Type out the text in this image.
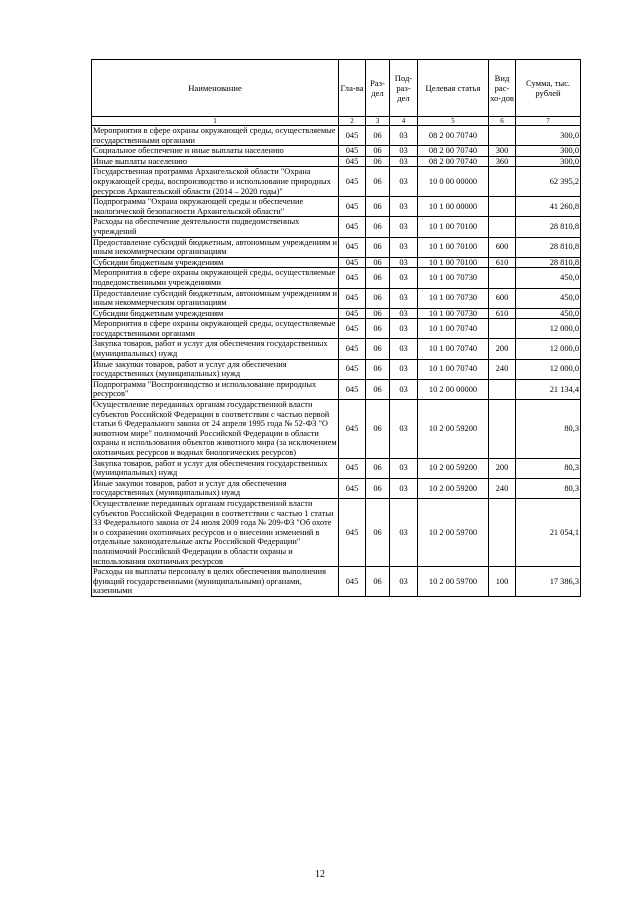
Наименование	Гла-ва	Раз-дел	Под-раз-дел	Целевая статья	Вид рас-хо-дов	Сумма, тыс. рублей
1	2	3	4	5	6	7
Мероприятия в сфере охраны окружающей среды, осуществляемые государственными органами	045	06	03	08 2 00 70740		300,0
Социальное обеспечение и иные выплаты населению	045	06	03	08 2 00 70740	300	300,0
Иные выплаты населению	045	06	03	08 2 00 70740	360	300,0
Государственная программа Архангельской области "Охрана окружающей среды, воспроизводство и использование природных ресурсов Архангельской области (2014 – 2020 годы)"	045	06	03	10 0 00 00000		62 395,2
Подпрограмма "Охрана окружающей среды и обеспечение экологической безопасности Архангельской области"	045	06	03	10 1 00 00000		41 260,8
Расходы на обеспечение деятельности подведомственных учреждений	045	06	03	10 1 00 70100		28 810,8
Предоставление субсидий бюджетным, автономным учреждениям и иным некоммерческим организациям	045	06	03	10 1 00 70100	600	28 810,8
Субсидии бюджетным учреждениям	045	06	03	10 1 00 70100	610	28 810,8
Мероприятия в сфере охраны окружающей среды, осуществляемые подведомственными учреждениями	045	06	03	10 1 00 70730		450,0
Предоставление субсидий бюджетным, автономным учреждениям и иным некоммерческим организациям	045	06	03	10 1 00 70730	600	450,0
Субсидии бюджетным учреждениям	045	06	03	10 1 00 70730	610	450,0
Мероприятия в сфере охраны окружающей среды, осуществляемые государственными органами	045	06	03	10 1 00 70740		12 000,0
Закупка товаров, работ и услуг для обеспечения государственных (муниципальных) нужд	045	06	03	10 1 00 70740	200	12 000,0
Иные закупки товаров, работ и услуг для обеспечения государственных (муниципальных) нужд	045	06	03	10 1 00 70740	240	12 000,0
Подпрограмма "Воспроизводство и использование природных ресурсов"	045	06	03	10 2 00 00000		21 134,4
Осуществление переданных органам государственной власти субъектов Российской Федерации в соответствии с частью первой статьи 6 Федерального закона от 24 апреля 1995 года № 52-ФЗ "О животном мире" полномочий Российской Федерации в области охраны и использования объектов животного мира (за исключением охотничьих ресурсов и водных биологических ресурсов)	045	06	03	10 2 00 59200		80,3
Закупка товаров, работ и услуг для обеспечения государственных (муниципальных) нужд	045	06	03	10 2 00 59200	200	80,3
Иные закупки товаров, работ и услуг для обеспечения государственных (муниципальных) нужд	045	06	03	10 2 00 59200	240	80,3
Осуществление переданных органам государственной власти субъектов Российской Федерации в соответствии с частью 1 статьи 33 Федерального закона от 24 июля 2009 года № 209-ФЗ "Об охоте и о сохранении охотничьих ресурсов и о внесении изменений в отдельные законодательные акты Российской Федерации" полномочий Российской Федерации в области охраны и использования охотничьих ресурсов	045	06	03	10 2 00 59700		21 054,1
Расходы на выплаты персоналу в целях обеспечения выполнения функций государственными (муниципальными) органами, казенными	045	06	03	10 2 00 59700	100	17 386,3
12
